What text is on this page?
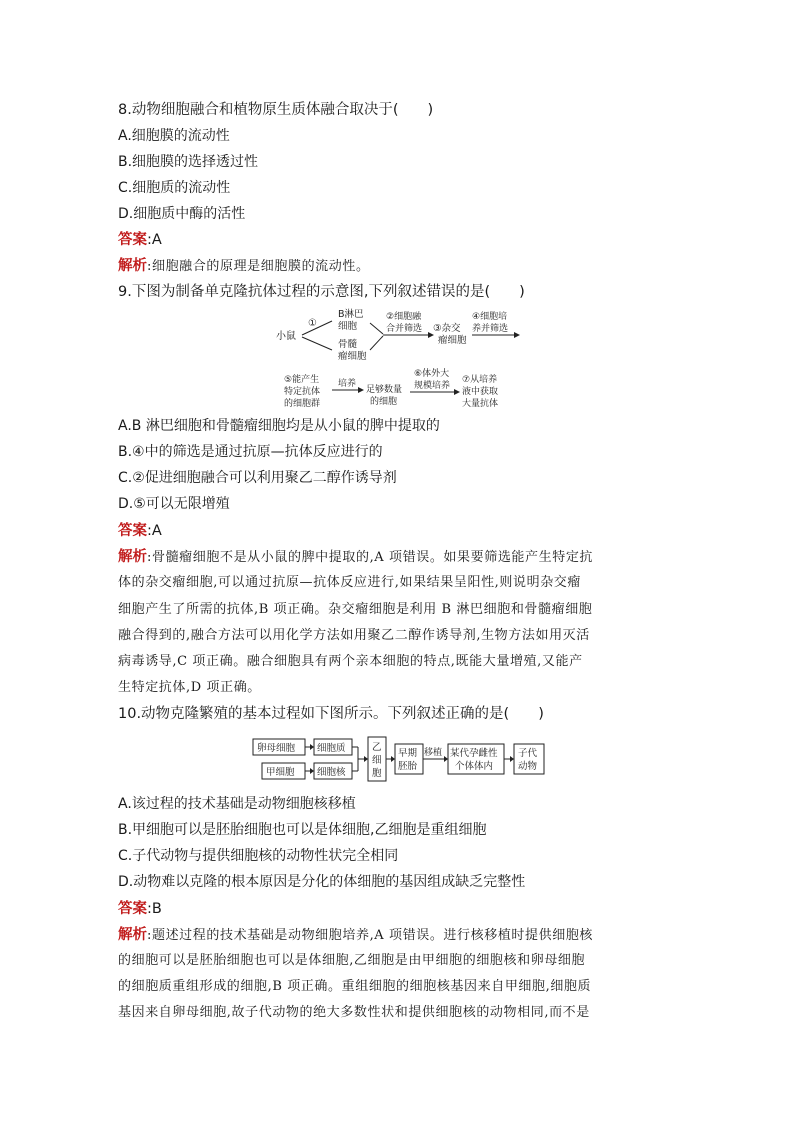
8.动物细胞融合和植物原生质体融合取决于(　　)
A.细胞膜的流动性
B.细胞膜的选择透过性
C.细胞质的流动性
D.细胞质中酶的活性
答案:A
解析:细胞融合的原理是细胞膜的流动性。
9.下图为制备单克隆抗体过程的示意图,下列叙述错误的是(　　)
小鼠
①
B淋巴
细胞
骨髓
瘤细胞
②细胞融
合并筛选 ③杂交
瘤细胞
④细胞培
养并筛选
⑤能产生
特定抗体
的细胞群
培养
足够数量
的细胞
⑥体外大
规模培养
⑦从培养
液中获取
大量抗体
A.B 淋巴细胞和骨髓瘤细胞均是从小鼠的脾中提取的
B.④中的筛选是通过抗原—抗体反应进行的
C.②促进细胞融合可以利用聚乙二醇作诱导剂
D.⑤可以无限增殖
答案:A
解析:骨髓瘤细胞不是从小鼠的脾中提取的,A 项错误。如果要筛选能产生特定抗
体的杂交瘤细胞,可以通过抗原—抗体反应进行,如果结果呈阳性,则说明杂交瘤
细胞产生了所需的抗体,B 项正确。杂交瘤细胞是利用 B 淋巴细胞和骨髓瘤细胞
融合得到的,融合方法可以用化学方法如用聚乙二醇作诱导剂,生物方法如用灭活
病毒诱导,C 项正确。融合细胞具有两个亲本细胞的特点,既能大量增殖,又能产
生特定抗体,D 项正确。
10.动物克隆繁殖的基本过程如下图所示。下列叙述正确的是(　　)
卵母细胞 细胞质
甲细胞 细胞核
乙
细
胞
早期
胚胎
移植 某代孕雌性
个体体内
子代
动物
A.该过程的技术基础是动物细胞核移植
B.甲细胞可以是胚胎细胞也可以是体细胞,乙细胞是重组细胞
C.子代动物与提供细胞核的动物性状完全相同
D.动物难以克隆的根本原因是分化的体细胞的基因组成缺乏完整性
答案:B
解析:题述过程的技术基础是动物细胞培养,A 项错误。进行核移植时提供细胞核
的细胞可以是胚胎细胞也可以是体细胞,乙细胞是由甲细胞的细胞核和卵母细胞
的细胞质重组形成的细胞,B 项正确。重组细胞的细胞核基因来自甲细胞,细胞质
基因来自卵母细胞,故子代动物的绝大多数性状和提供细胞核的动物相同,而不是
